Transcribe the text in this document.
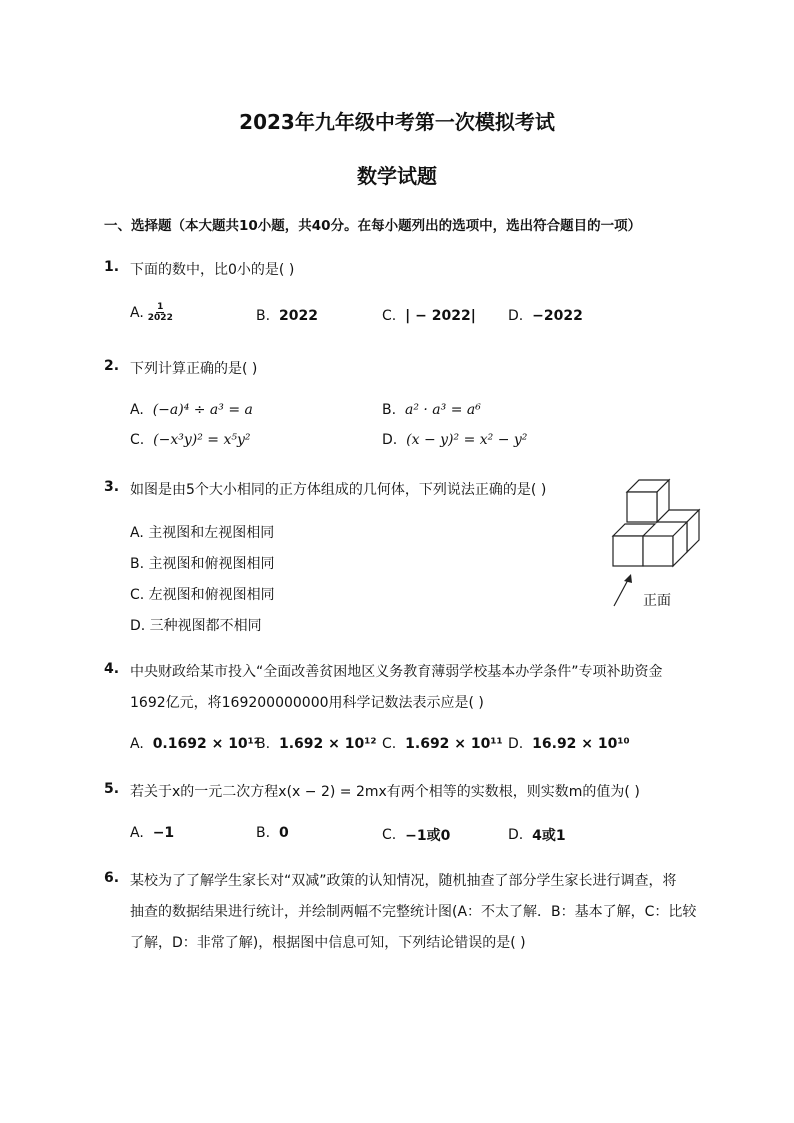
2023年九年级中考第一次模拟考试
数学试题
一、选择题（本大题共10小题，共40分。在每小题列出的选项中，选出符合题目的一项）
1. 下面的数中，比0小的是( )
A. $\frac{1}{2022}$	B.
2022	C.
| − 2022| D.
−2022
2. 下列计算正确的是( )
A.
(−a)⁴ ÷ a³ = a	B.
a² · a³ = a⁶
C.
(−x³y)² = x⁵y²	D.
(x − y)² = x² − y²
3. 如图是由5个大小相同的正方体组成的几何体，下列说法正确的是( )
A. 主视图和左视图相同
B. 主视图和俯视图相同
C. 左视图和俯视图相同
D. 三种视图都不相同
正面
4. 中央财政给某市投入“全面改善贫困地区义务教育薄弱学校基本办学条件”专项补助资金
1692亿元，将169200000000用科学记数法表示应是( )
A.
0.1692 × 10¹²
B.
1.692 × 10¹² C.
1.692 × 10¹¹ D.
16.92 × 10¹⁰
5. 若关于x的一元二次方程x(x − 2) = 2mx有两个相等的实数根，则实数m的值为( )
A.
−1	B.
0	C.
−1或0	D.
4或1
6. 某校为了了解学生家长对“双减”政策的认知情况，随机抽查了部分学生家长进行调查，将
抽查的数据结果进行统计，并绘制两幅不完整统计图(A：不太了解．B：基本了解，C：比较
了解，D：非常了解)，根据图中信息可知，下列结论错误的是( )
